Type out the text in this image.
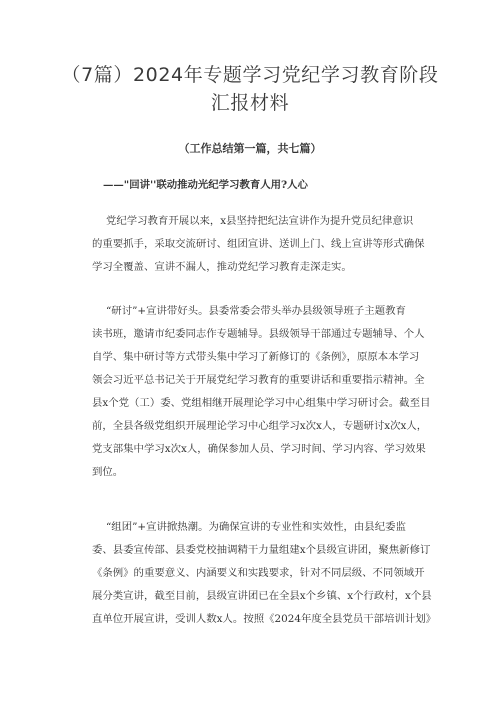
（7篇）2024年专题学习党纪学习教育阶段
汇报材料
（工作总结第一篇，共七篇）
——"回讲''联动推动光纪学习教育人用?人心
党纪学习教育开展以来，x县坚持把纪法宣讲作为提升党员纪律意识
的重要抓手，采取交流研讨、组团宣讲、送训上门、线上宣讲等形式确保
学习全覆盖、宣讲不漏人，推动党纪学习教育走深走实。
“研讨”+宣讲带好头。县委常委会带头举办县级领导班子主题教育
读书班，邀请市纪委同志作专题辅导。县级领导干部通过专题辅导、个人
自学、集中研讨等方式带头集中学习了新修订的《条例》，原原本本学习
领会习近平总书记关于开展党纪学习教育的重要讲话和重要指示精神。全
县x个党（工）委、党组相继开展理论学习中心组集中学习研讨会。截至目
前，全县各级党组织开展理论学习中心组学习x次x人，专题研讨x次x人，
党支部集中学习x次x人，确保参加人员、学习时间、学习内容、学习效果
到位。
“组团”+宣讲掀热潮。为确保宣讲的专业性和实效性，由县纪委监
委、县委宣传部、县委党校抽调精干力量组建x个县级宣讲团，聚焦新修订
《条例》的重要意义、内涵要义和实践要求，针对不同层级、不同领域开
展分类宣讲，截至目前，县级宣讲团已在全县x个乡镇、x个行政村，x个县
直单位开展宣讲，受训人数x人。按照《2024年度全县党员干部培训计划》
